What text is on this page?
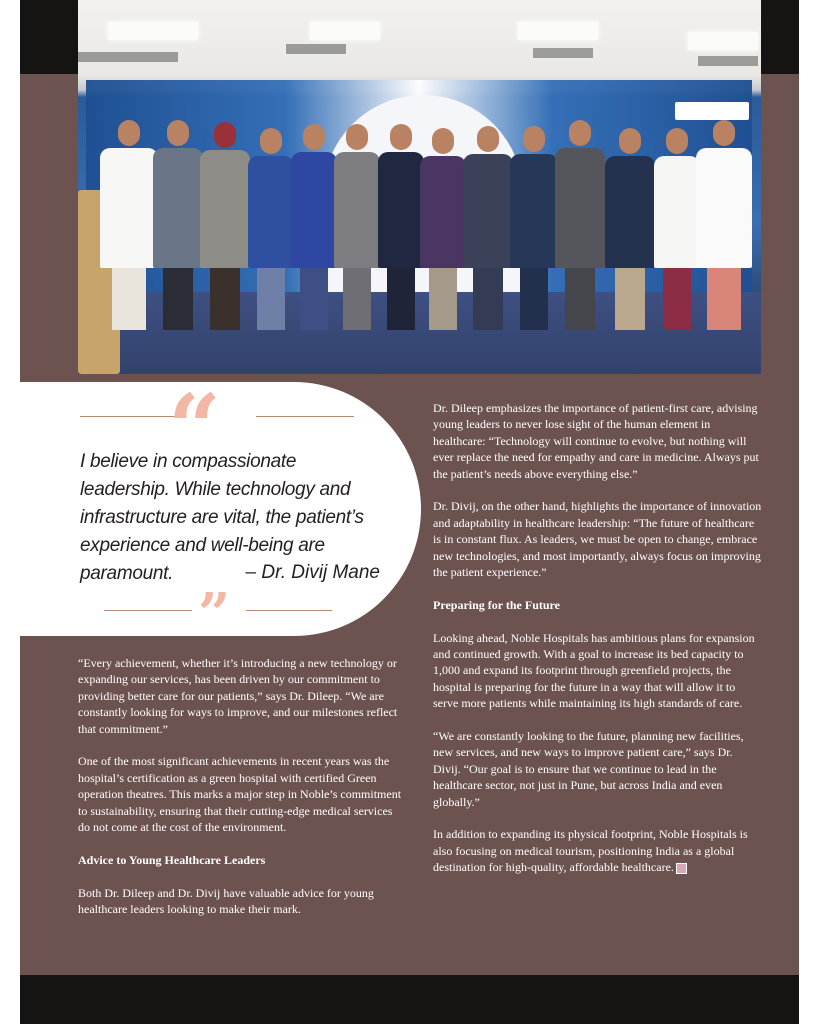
“
I believe in compassionate leadership. While technology and infrastructure are vital, the patient’s experience and well-being are paramount.	– Dr. Divij Mane
”

“Every achievement, whether it’s introducing a new technology or expanding our services, has been driven by our commitment to providing better care for our patients,” says Dr. Dileep. “We are constantly looking for ways to improve, and our milestones reflect that commitment.”

One of the most significant achievements in recent years was the hospital’s certification as a green hospital with certified Green operation theatres. This marks a major step in Noble’s commitment to sustainability, ensuring that their cutting-edge medical services do not come at the cost of the environment.

Advice to Young Healthcare Leaders

Both Dr. Dileep and Dr. Divij have valuable advice for young healthcare leaders looking to make their mark.

Dr. Dileep emphasizes the importance of patient-first care, advising young leaders to never lose sight of the human element in healthcare: “Technology will continue to evolve, but nothing will ever replace the need for empathy and care in medicine. Always put the patient’s needs above everything else.”

Dr. Divij, on the other hand, highlights the importance of innovation and adaptability in healthcare leadership: “The future of healthcare is in constant flux. As leaders, we must be open to change, embrace new technologies, and most importantly, always focus on improving the patient experience.”

Preparing for the Future

Looking ahead, Noble Hospitals has ambitious plans for expansion and continued growth. With a goal to increase its bed capacity to 1,000 and expand its footprint through greenfield projects, the hospital is preparing for the future in a way that will allow it to serve more patients while maintaining its high standards of care.

“We are constantly looking to the future, planning new facilities, new services, and new ways to improve patient care,” says Dr. Divij. “Our goal is to ensure that we continue to lead in the healthcare sector, not just in Pune, but across India and even globally.”

In addition to expanding its physical footprint, Noble Hospitals is also focusing on medical tourism, positioning India as a global destination for high-quality, affordable healthcare.
